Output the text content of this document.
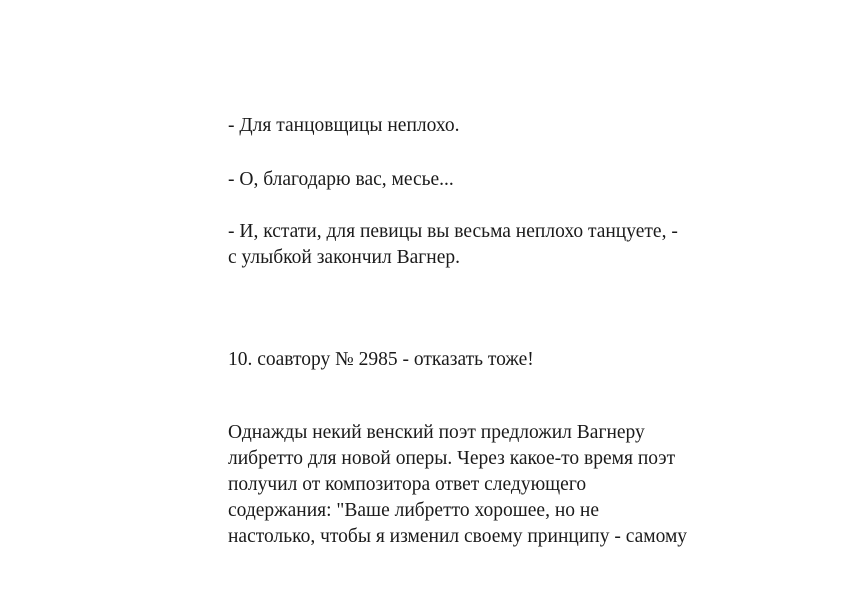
- Для танцовщицы неплохо.
- О, благодарю вас, месье...
- И, кстати, для певицы вы весьма неплохо танцуете, -
с улыбкой закончил Вагнер.
10. соавтору № 2985 - отказать тоже!
Однажды некий венский поэт предложил Вагнеру
либретто для новой оперы. Через какое-то время поэт
получил от композитора ответ следующего
содержания: "Ваше либретто хорошее, но не
настолько, чтобы я изменил своему принципу - самому
